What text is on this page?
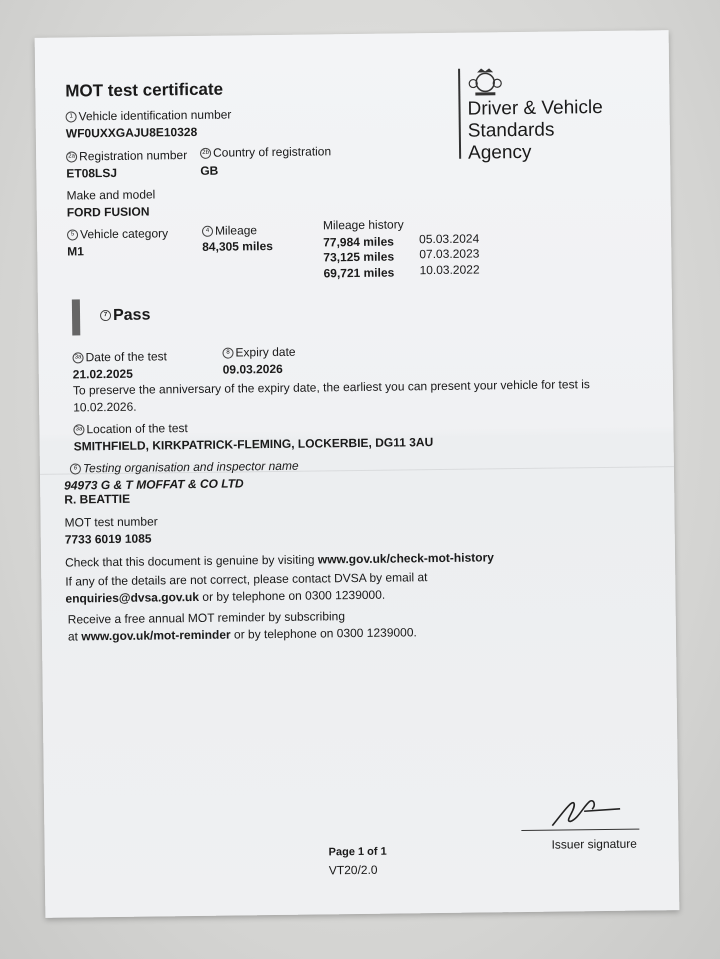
MOT test certificate
Driver & Vehicle
Standards
Agency
1 Vehicle identification number
WF0UXXGAJU8E10328
2a Registration number
ET08LSJ
2b Country of registration
GB
Make and model
FORD FUSION
5 Vehicle category
M1
4 Mileage
84,305 miles
Mileage history
77,984 miles 05.03.2024
73,125 miles 07.03.2023
69,721 miles 10.03.2022
7 Pass
3a Date of the test
21.02.2025
8 Expiry date
09.03.2026
To preserve the anniversary of the expiry date, the earliest you can present your vehicle for test is
10.02.2026.
3a Location of the test
SMITHFIELD, KIRKPATRICK-FLEMING, LOCKERBIE, DG11 3AU
6 Testing organisation and inspector name
94973 G & T MOFFAT & CO LTD
R. BEATTIE
MOT test number
7733 6019 1085
Check that this document is genuine by visiting www.gov.uk/check-mot-history
If any of the details are not correct, please contact DVSA by email at
enquiries@dvsa.gov.uk or by telephone on 0300 1239000.
Receive a free annual MOT reminder by subscribing
at www.gov.uk/mot-reminder or by telephone on 0300 1239000.
Issuer signature
Page 1 of 1
VT20/2.0
